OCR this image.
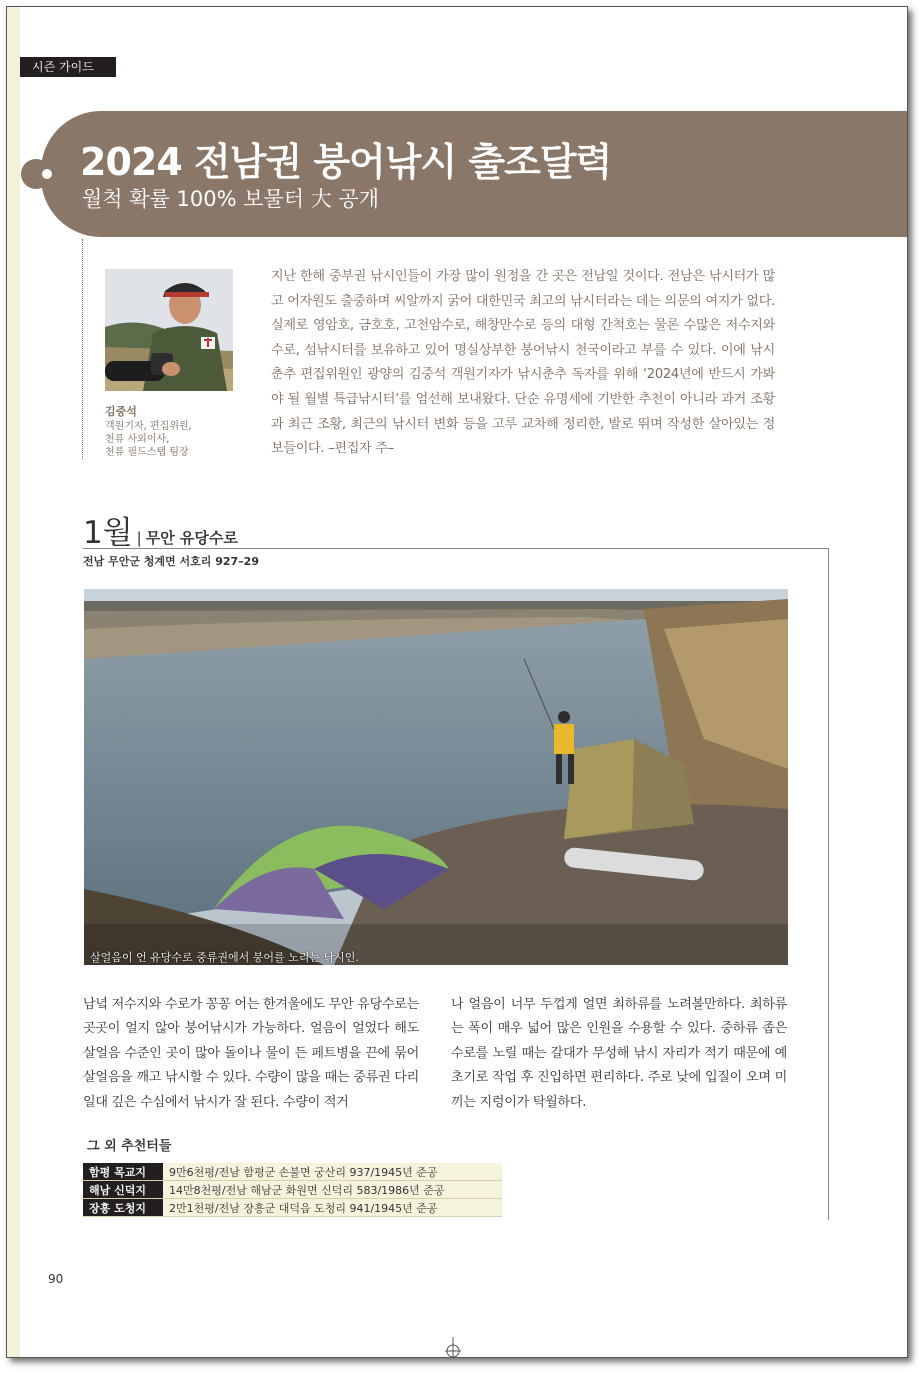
시즌 가이드
2024 전남권 붕어낚시 출조달력
월척 확률 100% 보물터 大 공개
김중석
객원기자, 편집위원,
천류 사외이사,
천류 필드스탭 팀장
지난 한해 중부권 낚시인들이 가장 많이 원정을 간 곳은 전남일 것이다. 전남은 낚시터가 많고 어자원도 출중하며 씨알까지 굵어 대한민국 최고의 낚시터라는 데는 의문의 여지가 없다. 실제로 영암호, 금호호, 고천암수로, 해창만수로 등의 대형 간척호는 물론 수많은 저수지와 수로, 섬낚시터를 보유하고 있어 명실상부한 붕어낚시 천국이라고 부를 수 있다. 이에 낚시춘추 편집위원인 광양의 김중석 객원기자가 낚시춘추 독자를 위해 ‘2024년에 반드시 가봐야 될 월별 특급낚시터’를 엄선해 보내왔다. 단순 유명세에 기반한 추천이 아니라 과거 조황과 최근 조황, 최근의 낚시터 변화 등을 고루 교차해 정리한, 발로 뛰며 작성한 살아있는 정보들이다. –편집자 주–
1월 | 무안 유당수로
전남 무안군 청계면 서호리 927–29
살얼음이 언 유당수로 중류권에서 붕어를 노리는 낚시인.
남녘 저수지와 수로가 꽁꽁 어는 한겨울에도 무안 유당수로는 곳곳이 얼지 않아 붕어낚시가 가능하다. 얼음이 얼었다 해도 살얼음 수준인 곳이 많아 돌이나 물이 든 페트병을 끈에 묶어 살얼음을 깨고 낚시할 수 있다. 수량이 많을 때는 중류권 다리 일대 깊은 수심에서 낚시가 잘 된다. 수량이 적거
나 얼음이 너무 두껍게 얼면 최하류를 노려볼만하다. 최하류는 폭이 매우 넓어 많은 인원을 수용할 수 있다. 중하류 좁은 수로를 노릴 때는 갈대가 무성해 낚시 자리가 적기 때문에 예초기로 작업 후 진입하면 편리하다. 주로 낮에 입질이 오며 미끼는 지렁이가 탁월하다.
그 외 추천터들
함평 목교지	9만6천평/전남 함평군 손불면 궁산리 937/1945년 준공
해남 신덕지	14만8천평/전남 해남군 화원면 신덕리 583/1986년 준공
장흥 도청지	2만1천평/전남 장흥군 대덕읍 도청리 941/1945년 준공
90
